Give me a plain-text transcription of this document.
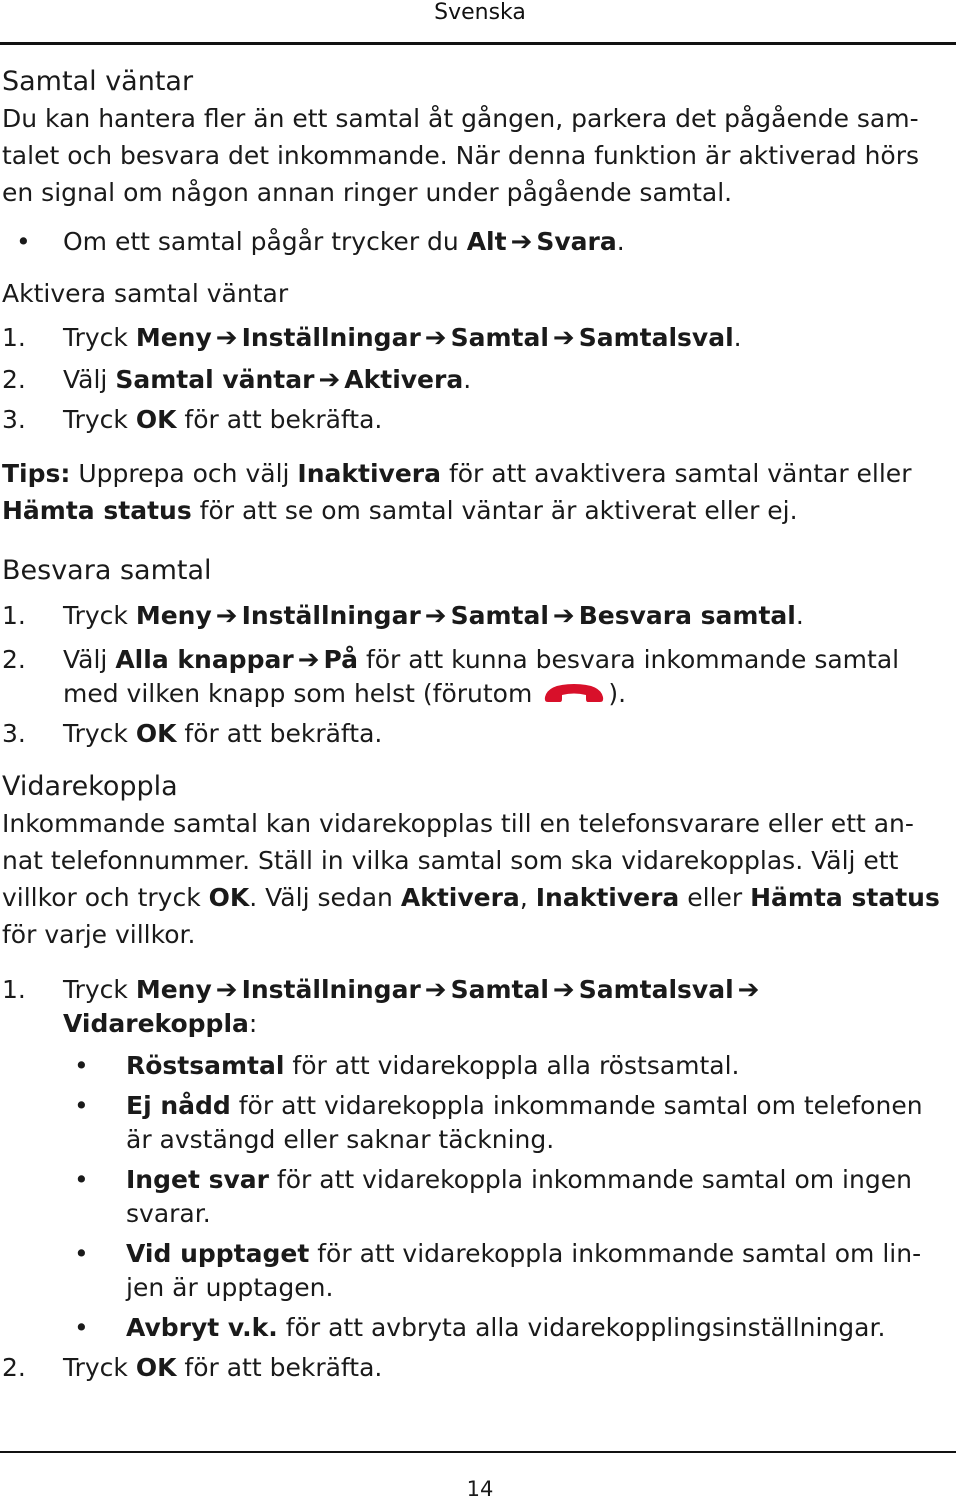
Svenska
Samtal väntar
Du kan hantera fler än ett samtal åt gången, parkera det pågående sam-
talet och besvara det inkommande. När denna funktion är aktiverad hörs
en signal om någon annan ringer under pågående samtal.
•	Om ett samtal pågår trycker du Alt ➔ Svara.
Aktivera samtal väntar
1.	Tryck Meny ➔ Inställningar ➔ Samtal ➔ Samtalsval.
2.	Välj Samtal väntar ➔ Aktivera.
3.	Tryck OK för att bekräfta.
Tips: Upprepa och välj Inaktivera för att avaktivera samtal väntar eller
Hämta status för att se om samtal väntar är aktiverat eller ej.
Besvara samtal
1.	Tryck Meny ➔ Inställningar ➔ Samtal ➔ Besvara samtal.
2.	Välj Alla knappar ➔ På för att kunna besvara inkommande samtal
med vilken knapp som helst (förutom	).
3.	Tryck OK för att bekräfta.
Vidarekoppla
Inkommande samtal kan vidarekopplas till en telefonsvarare eller ett an-
nat telefonnummer. Ställ in vilka samtal som ska vidarekopplas. Välj ett
villkor och tryck OK. Välj sedan Aktivera, Inaktivera eller Hämta status
för varje villkor.
1.	Tryck Meny ➔ Inställningar ➔ Samtal ➔ Samtalsval ➔
Vidarekoppla:
•	Röstsamtal för att vidarekoppla alla röstsamtal.
•	Ej nådd för att vidarekoppla inkommande samtal om telefonen
är avstängd eller saknar täckning.
•	Inget svar för att vidarekoppla inkommande samtal om ingen
svarar.
•	Vid upptaget för att vidarekoppla inkommande samtal om lin-
jen är upptagen.
•	Avbryt v.k. för att avbryta alla vidarekopplingsinställningar.
2.	Tryck OK för att bekräfta.
14
